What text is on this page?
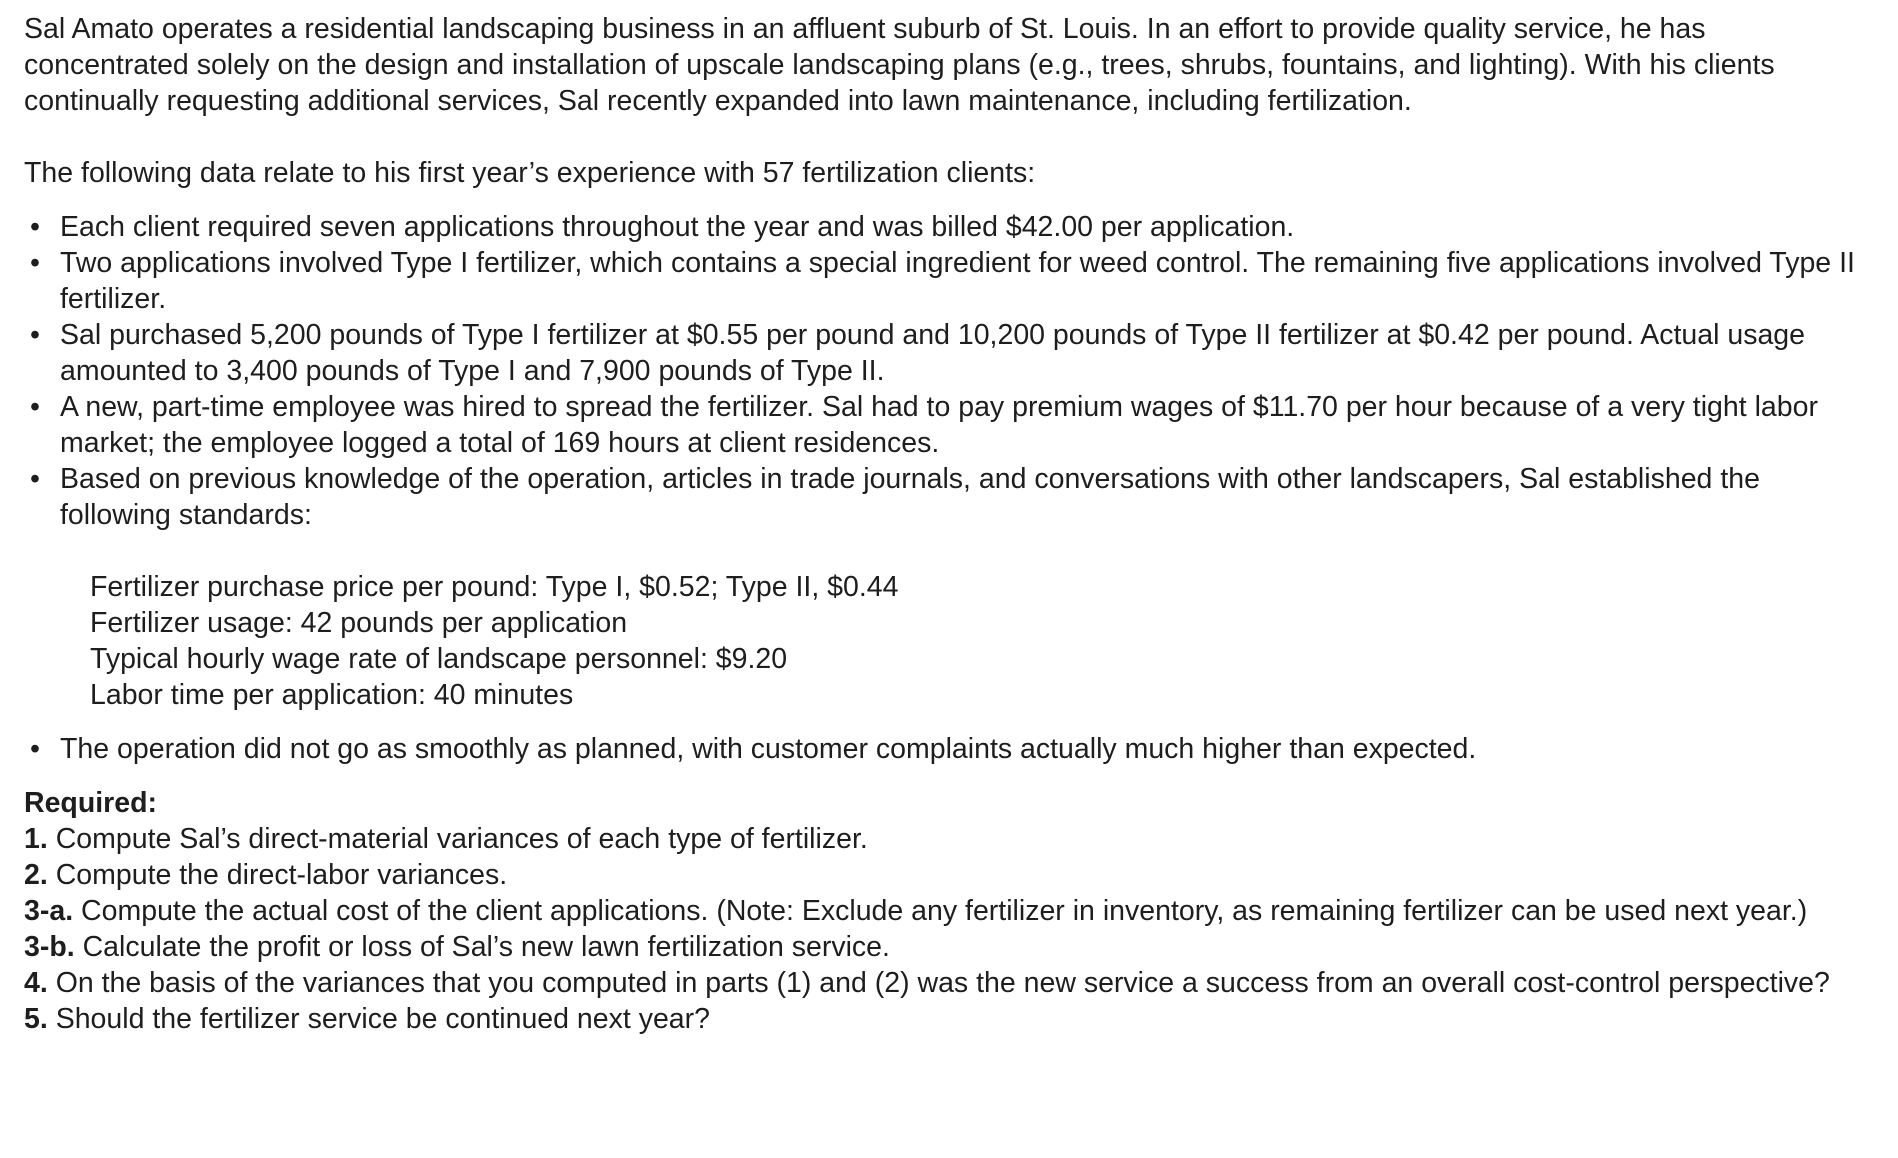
Sal Amato operates a residential landscaping business in an affluent suburb of St. Louis. In an effort to provide quality service, he has concentrated solely on the design and installation of upscale landscaping plans (e.g., trees, shrubs, fountains, and lighting). With his clients continually requesting additional services, Sal recently expanded into lawn maintenance, including fertilization.

The following data relate to his first year’s experience with 57 fertilization clients:

• Each client required seven applications throughout the year and was billed $42.00 per application.
• Two applications involved Type I fertilizer, which contains a special ingredient for weed control. The remaining five applications involved Type II fertilizer.
• Sal purchased 5,200 pounds of Type I fertilizer at $0.55 per pound and 10,200 pounds of Type II fertilizer at $0.42 per pound. Actual usage amounted to 3,400 pounds of Type I and 7,900 pounds of Type II.
• A new, part-time employee was hired to spread the fertilizer. Sal had to pay premium wages of $11.70 per hour because of a very tight labor market; the employee logged a total of 169 hours at client residences.
• Based on previous knowledge of the operation, articles in trade journals, and conversations with other landscapers, Sal established the following standards:
Fertilizer purchase price per pound: Type I, $0.52; Type II, $0.44
Fertilizer usage: 42 pounds per application
Typical hourly wage rate of landscape personnel: $9.20
Labor time per application: 40 minutes
• The operation did not go as smoothly as planned, with customer complaints actually much higher than expected.
Required:
1. Compute Sal’s direct-material variances of each type of fertilizer.
2. Compute the direct-labor variances.
3-a. Compute the actual cost of the client applications. (Note: Exclude any fertilizer in inventory, as remaining fertilizer can be used next year.)
3-b. Calculate the profit or loss of Sal’s new lawn fertilization service.
4. On the basis of the variances that you computed in parts (1) and (2) was the new service a success from an overall cost-control perspective?
5. Should the fertilizer service be continued next year?
